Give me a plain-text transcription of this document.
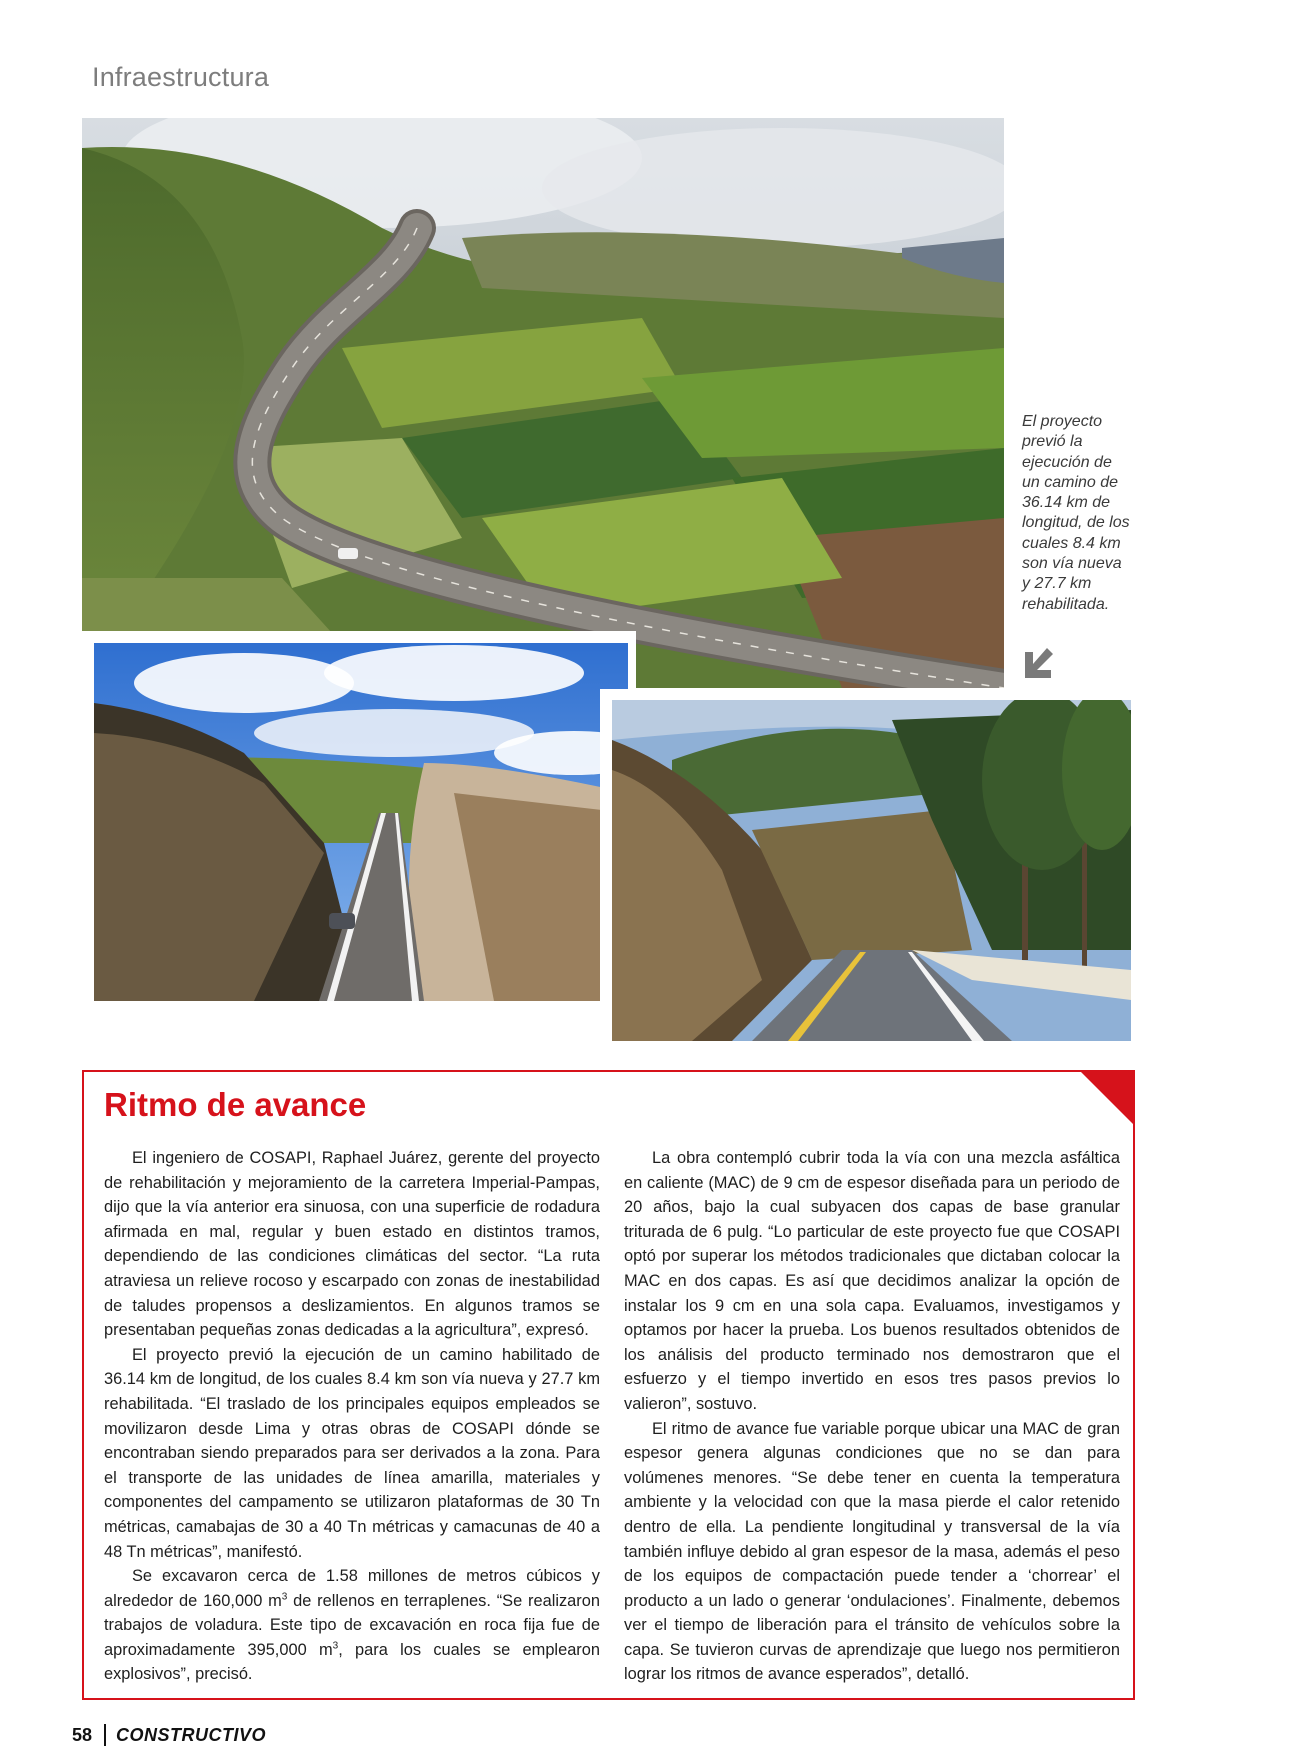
Infraestructura
El proyecto previó la ejecución de un camino de 36.14 km de longitud, de los cuales 8.4 km son vía nueva y 27.7 km rehabilitada.
Ritmo de avance

El ingeniero de COSAPI, Raphael Juárez, gerente del proyecto de rehabilitación y mejoramiento de la carretera Imperial-Pampas, dijo que la vía anterior era sinuosa, con una superficie de rodadura afirmada en mal, regular y buen estado en distintos tramos, dependiendo de las condiciones climáticas del sector. “La ruta atraviesa un relieve rocoso y escarpado con zonas de inestabilidad de taludes propensos a deslizamientos. En algunos tramos se presentaban pequeñas zonas dedicadas a la agricultura”, expresó.

El proyecto previó la ejecución de un camino habilitado de 36.14 km de longitud, de los cuales 8.4 km son vía nueva y 27.7 km rehabilitada. “El traslado de los principales equipos empleados se movilizaron desde Lima y otras obras de COSAPI dónde se encontraban siendo preparados para ser derivados a la zona. Para el transporte de las unidades de línea amarilla, materiales y componentes del campamento se utilizaron plataformas de 30 Tn métricas, camabajas de 30 a 40 Tn métricas y camacunas de 40 a 48 Tn métricas”, manifestó.

Se excavaron cerca de 1.58 millones de metros cúbicos y alrededor de 160,000 $m^3$ de rellenos en terraplenes. “Se realizaron trabajos de voladura. Este tipo de excavación en roca fija fue de aproximadamente 395,000 $m^3$, para los cuales se emplearon explosivos”, precisó.

La obra contempló cubrir toda la vía con una mezcla asfáltica en caliente (MAC) de 9 cm de espesor diseñada para un periodo de 20 años, bajo la cual subyacen dos capas de base granular triturada de 6 pulg. “Lo particular de este proyecto fue que COSAPI optó por superar los métodos tradicionales que dictaban colocar la MAC en dos capas. Es así que decidimos analizar la opción de instalar los 9 cm en una sola capa. Evaluamos, investigamos y optamos por hacer la prueba. Los buenos resultados obtenidos de los análisis del producto terminado nos demostraron que el esfuerzo y el tiempo invertido en esos tres pasos previos lo valieron”, sostuvo.

El ritmo de avance fue variable porque ubicar una MAC de gran espesor genera algunas condiciones que no se dan para volúmenes menores. “Se debe tener en cuenta la temperatura ambiente y la velocidad con que la masa pierde el calor retenido dentro de ella. La pendiente longitudinal y transversal de la vía también influye debido al gran espesor de la masa, además el peso de los equipos de compactación puede tender a ‘chorrear’ el producto a un lado o generar ‘ondulaciones’. Finalmente, debemos ver el tiempo de liberación para el tránsito de vehículos sobre la capa. Se tuvieron curvas de aprendizaje que luego nos permitieron lograr los ritmos de avance esperados”, detalló.

58 CONSTRUCTIVO
